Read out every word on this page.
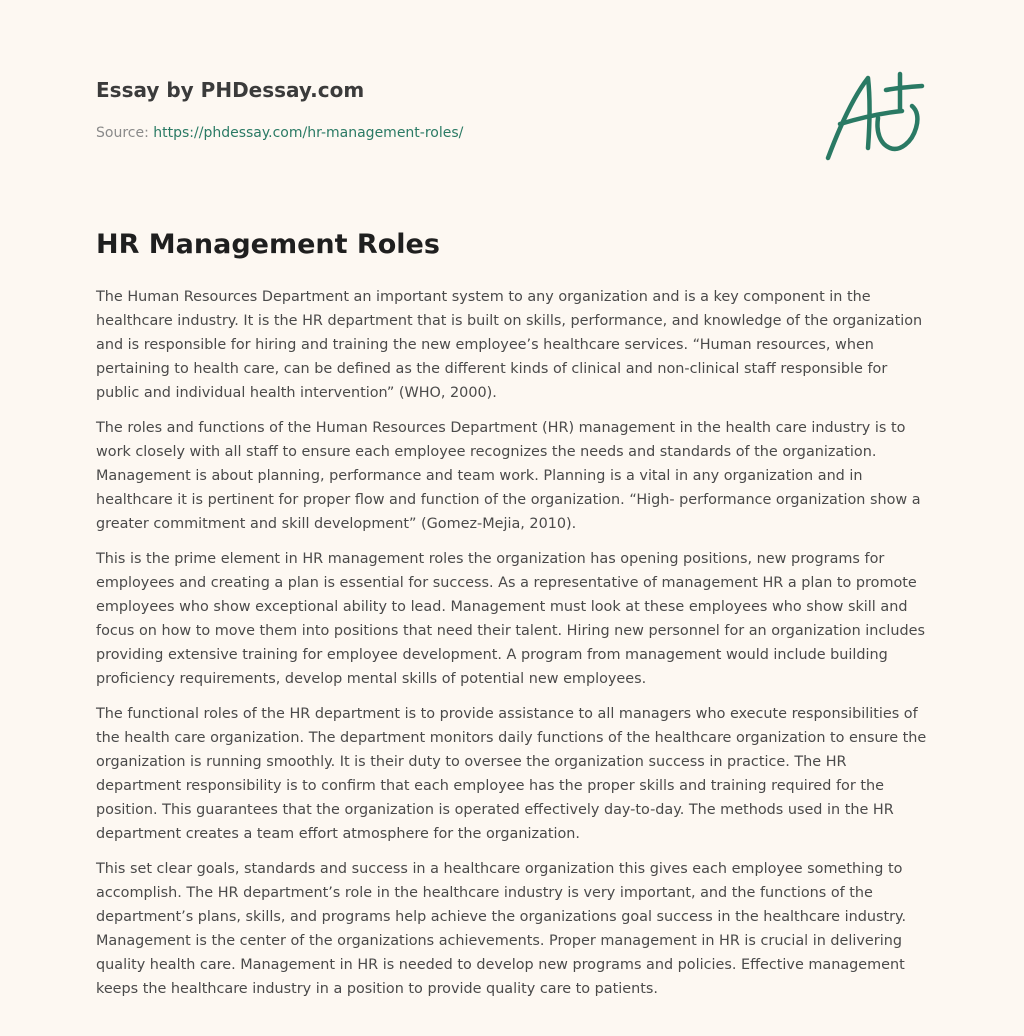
Essay by PHDessay.com
Source: https://phdessay.com/hr-management-roles/
HR Management Roles

The Human Resources Department an important system to any organization and is a key component in the healthcare industry. It is the HR department that is built on skills, performance, and knowledge of the organization and is responsible for hiring and training the new employee’s healthcare services. “Human resources, when pertaining to health care, can be defined as the different kinds of clinical and non-clinical staff responsible for public and individual health intervention” (WHO, 2000).

The roles and functions of the Human Resources Department (HR) management in the health care industry is to work closely with all staff to ensure each employee recognizes the needs and standards of the organization. Management is about planning, performance and team work. Planning is a vital in any organization and in healthcare it is pertinent for proper flow and function of the organization. “High- performance organization show a greater commitment and skill development” (Gomez-Mejia, 2010).

This is the prime element in HR management roles the organization has opening positions, new programs for employees and creating a plan is essential for success. As a representative of management HR a plan to promote employees who show exceptional ability to lead. Management must look at these employees who show skill and focus on how to move them into positions that need their talent. Hiring new personnel for an organization includes providing extensive training for employee development. A program from management would include building proficiency requirements, develop mental skills of potential new employees.

The functional roles of the HR department is to provide assistance to all managers who execute responsibilities of the health care organization. The department monitors daily functions of the healthcare organization to ensure the organization is running smoothly. It is their duty to oversee the organization success in practice. The HR department responsibility is to confirm that each employee has the proper skills and training required for the position. This guarantees that the organization is operated effectively day-to-day. The methods used in the HR department creates a team effort atmosphere for the organization.

This set clear goals, standards and success in a healthcare organization this gives each employee something to accomplish. The HR department’s role in the healthcare industry is very important, and the functions of the department’s plans, skills, and programs help achieve the organizations goal success in the healthcare industry. Management is the center of the organizations achievements. Proper management in HR is crucial in delivering quality health care. Management in HR is needed to develop new programs and policies. Effective management keeps the healthcare industry in a position to provide quality care to patients.
